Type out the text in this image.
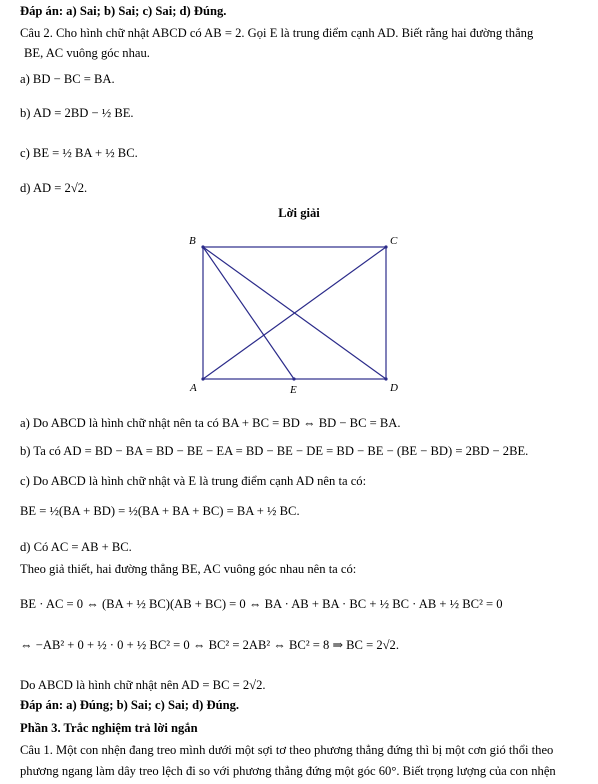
Đáp án: a) Sai; b) Sai; c) Sai; d) Đúng.
Câu 2. Cho hình chữ nhật ABCD có AB = 2. Gọi E là trung điểm cạnh AD. Biết rằng hai đường thẳng
BE, AC vuông góc nhau.
a) BD − BC = BA.
b) AD = 2BD − ½ BE.
c) BE = ½ BA + ½ BC.
d) AD = 2√2.
Lời giải
B	C
A	D
E
a) Do ABCD là hình chữ nhật nên ta có BA + BC = BD ⇔ BD − BC = BA.
b) Ta có AD = BD − BA = BD − BE − EA = BD − BE − DE = BD − BE − (BE − BD) = 2BD − 2BE.
c) Do ABCD là hình chữ nhật và E là trung điểm cạnh AD nên ta có:
BE = ½(BA + BD) = ½(BA + BA + BC) = BA + ½ BC.
d) Có AC = AB + BC.
Theo giả thiết, hai đường thẳng BE, AC vuông góc nhau nên ta có:
BE · AC = 0 ⇔ (BA + ½ BC)(AB + BC) = 0 ⇔ BA · AB + BA · BC + ½ BC · AB + ½ BC² = 0
⇔ −AB² + 0 + ½ · 0 + ½ BC² = 0 ⇔ BC² = 2AB² ⇔ BC² = 8 ⇒ BC = 2√2.
Do ABCD là hình chữ nhật nên AD = BC = 2√2.
Đáp án: a) Đúng; b) Sai; c) Sai; d) Đúng.
Phần 3. Trắc nghiệm trả lời ngắn
Câu 1. Một con nhện đang treo mình dưới một sợi tơ theo phương thẳng đứng thì bị một cơn gió thổi theo
phương ngang làm dây treo lệch đi so với phương thẳng đứng một góc 60°. Biết trọng lượng của con nhện
